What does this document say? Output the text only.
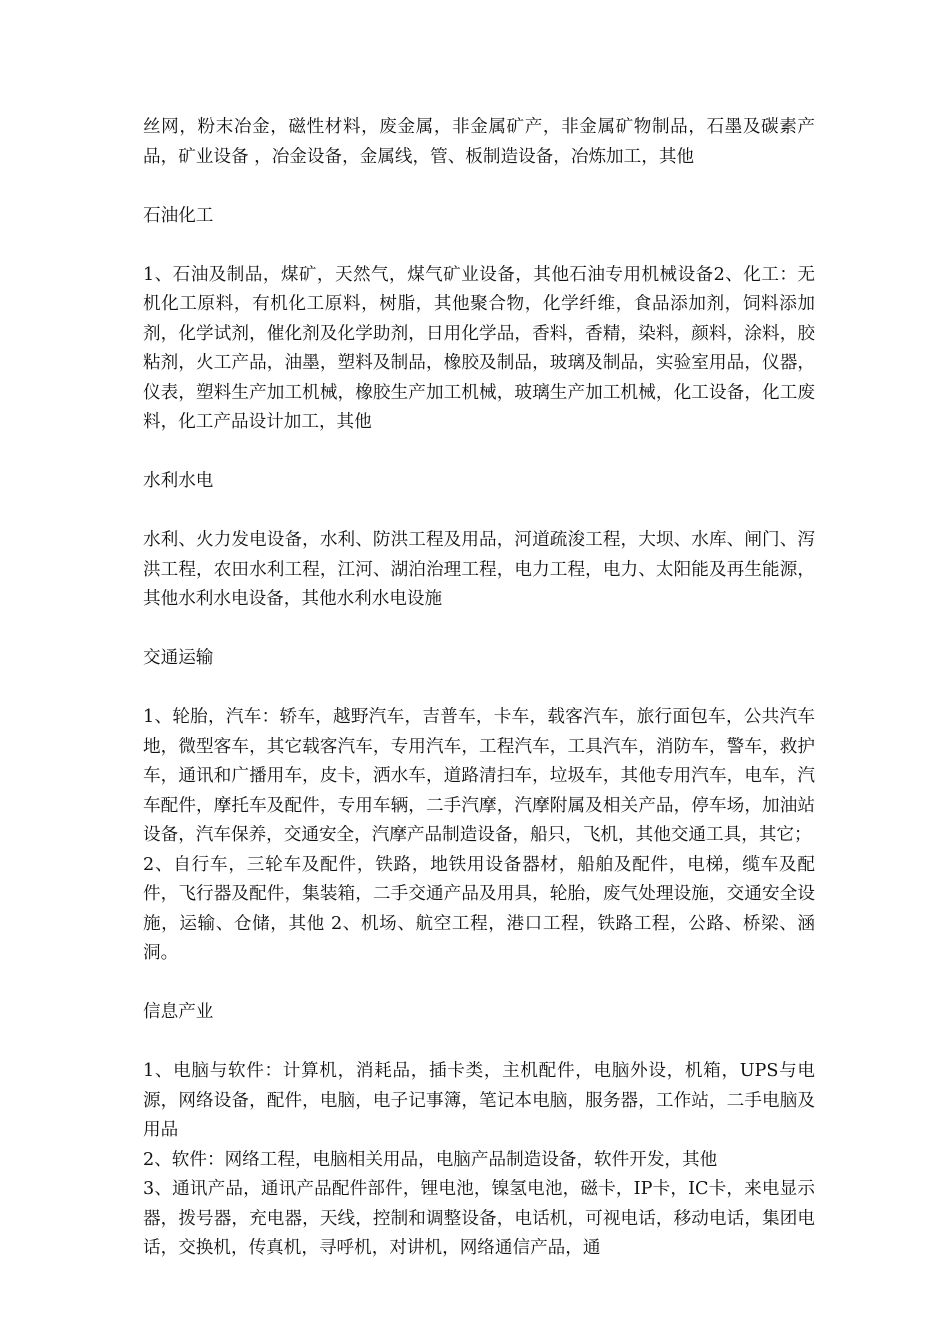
丝网，粉末冶金，磁性材料，废金属，非金属矿产，非金属矿物制品，石墨及碳素产品，矿业设备 ，冶金设备，金属线，管、板制造设备，冶炼加工，其他

石油化工

1、石油及制品，煤矿，天然气，煤气矿业设备，其他石油专用机械设备2、化工：无机化工原料，有机化工原料，树脂，其他聚合物，化学纤维，食品添加剂，饲料添加剂，化学试剂，催化剂及化学助剂，日用化学品，香料，香精，染料，颜料，涂料，胶粘剂，火工产品，油墨，塑料及制品，橡胶及制品，玻璃及制品，实验室用品，仪器，仪表，塑料生产加工机械，橡胶生产加工机械，玻璃生产加工机械，化工设备，化工废料，化工产品设计加工，其他

水利水电

水利、火力发电设备，水利、防洪工程及用品，河道疏浚工程，大坝、水库、闸门、泻洪工程，农田水利工程，江河、湖泊治理工程，电力工程，电力、太阳能及再生能源，其他水利水电设备，其他水利水电设施

交通运输

1、轮胎，汽车：轿车，越野汽车，吉普车，卡车，载客汽车，旅行面包车，公共汽车地，微型客车，其它载客汽车，专用汽车，工程汽车，工具汽车，消防车，警车，救护车，通讯和广播用车，皮卡，洒水车，道路清扫车，垃圾车，其他专用汽车，电车，汽车配件，摩托车及配件，专用车辆，二手汽摩，汽摩附属及相关产品，停车场，加油站设备，汽车保养，交通安全，汽摩产品制造设备，船只，飞机，其他交通工具，其它；

2、自行车，三轮车及配件，铁路，地铁用设备器材，船舶及配件，电梯，缆车及配件，飞行器及配件，集装箱，二手交通产品及用具，轮胎，废气处理设施，交通安全设施，运输、仓储，其他 2、机场、航空工程，港口工程，铁路工程，公路、桥梁、涵洞。

信息产业

1、电脑与软件：计算机，消耗品，插卡类，主机配件，电脑外设，机箱，UPS与电源，网络设备，配件，电脑，电子记事簿，笔记本电脑，服务器，工作站，二手电脑及用品

2、软件：网络工程，电脑相关用品，电脑产品制造设备，软件开发，其他

3、通讯产品，通讯产品配件部件，锂电池，镍氢电池，磁卡，IP卡，IC卡，来电显示器，拨号器，充电器，天线，控制和调整设备，电话机，可视电话，移动电话，集团电话，交换机，传真机，寻呼机，对讲机，网络通信产品，通
